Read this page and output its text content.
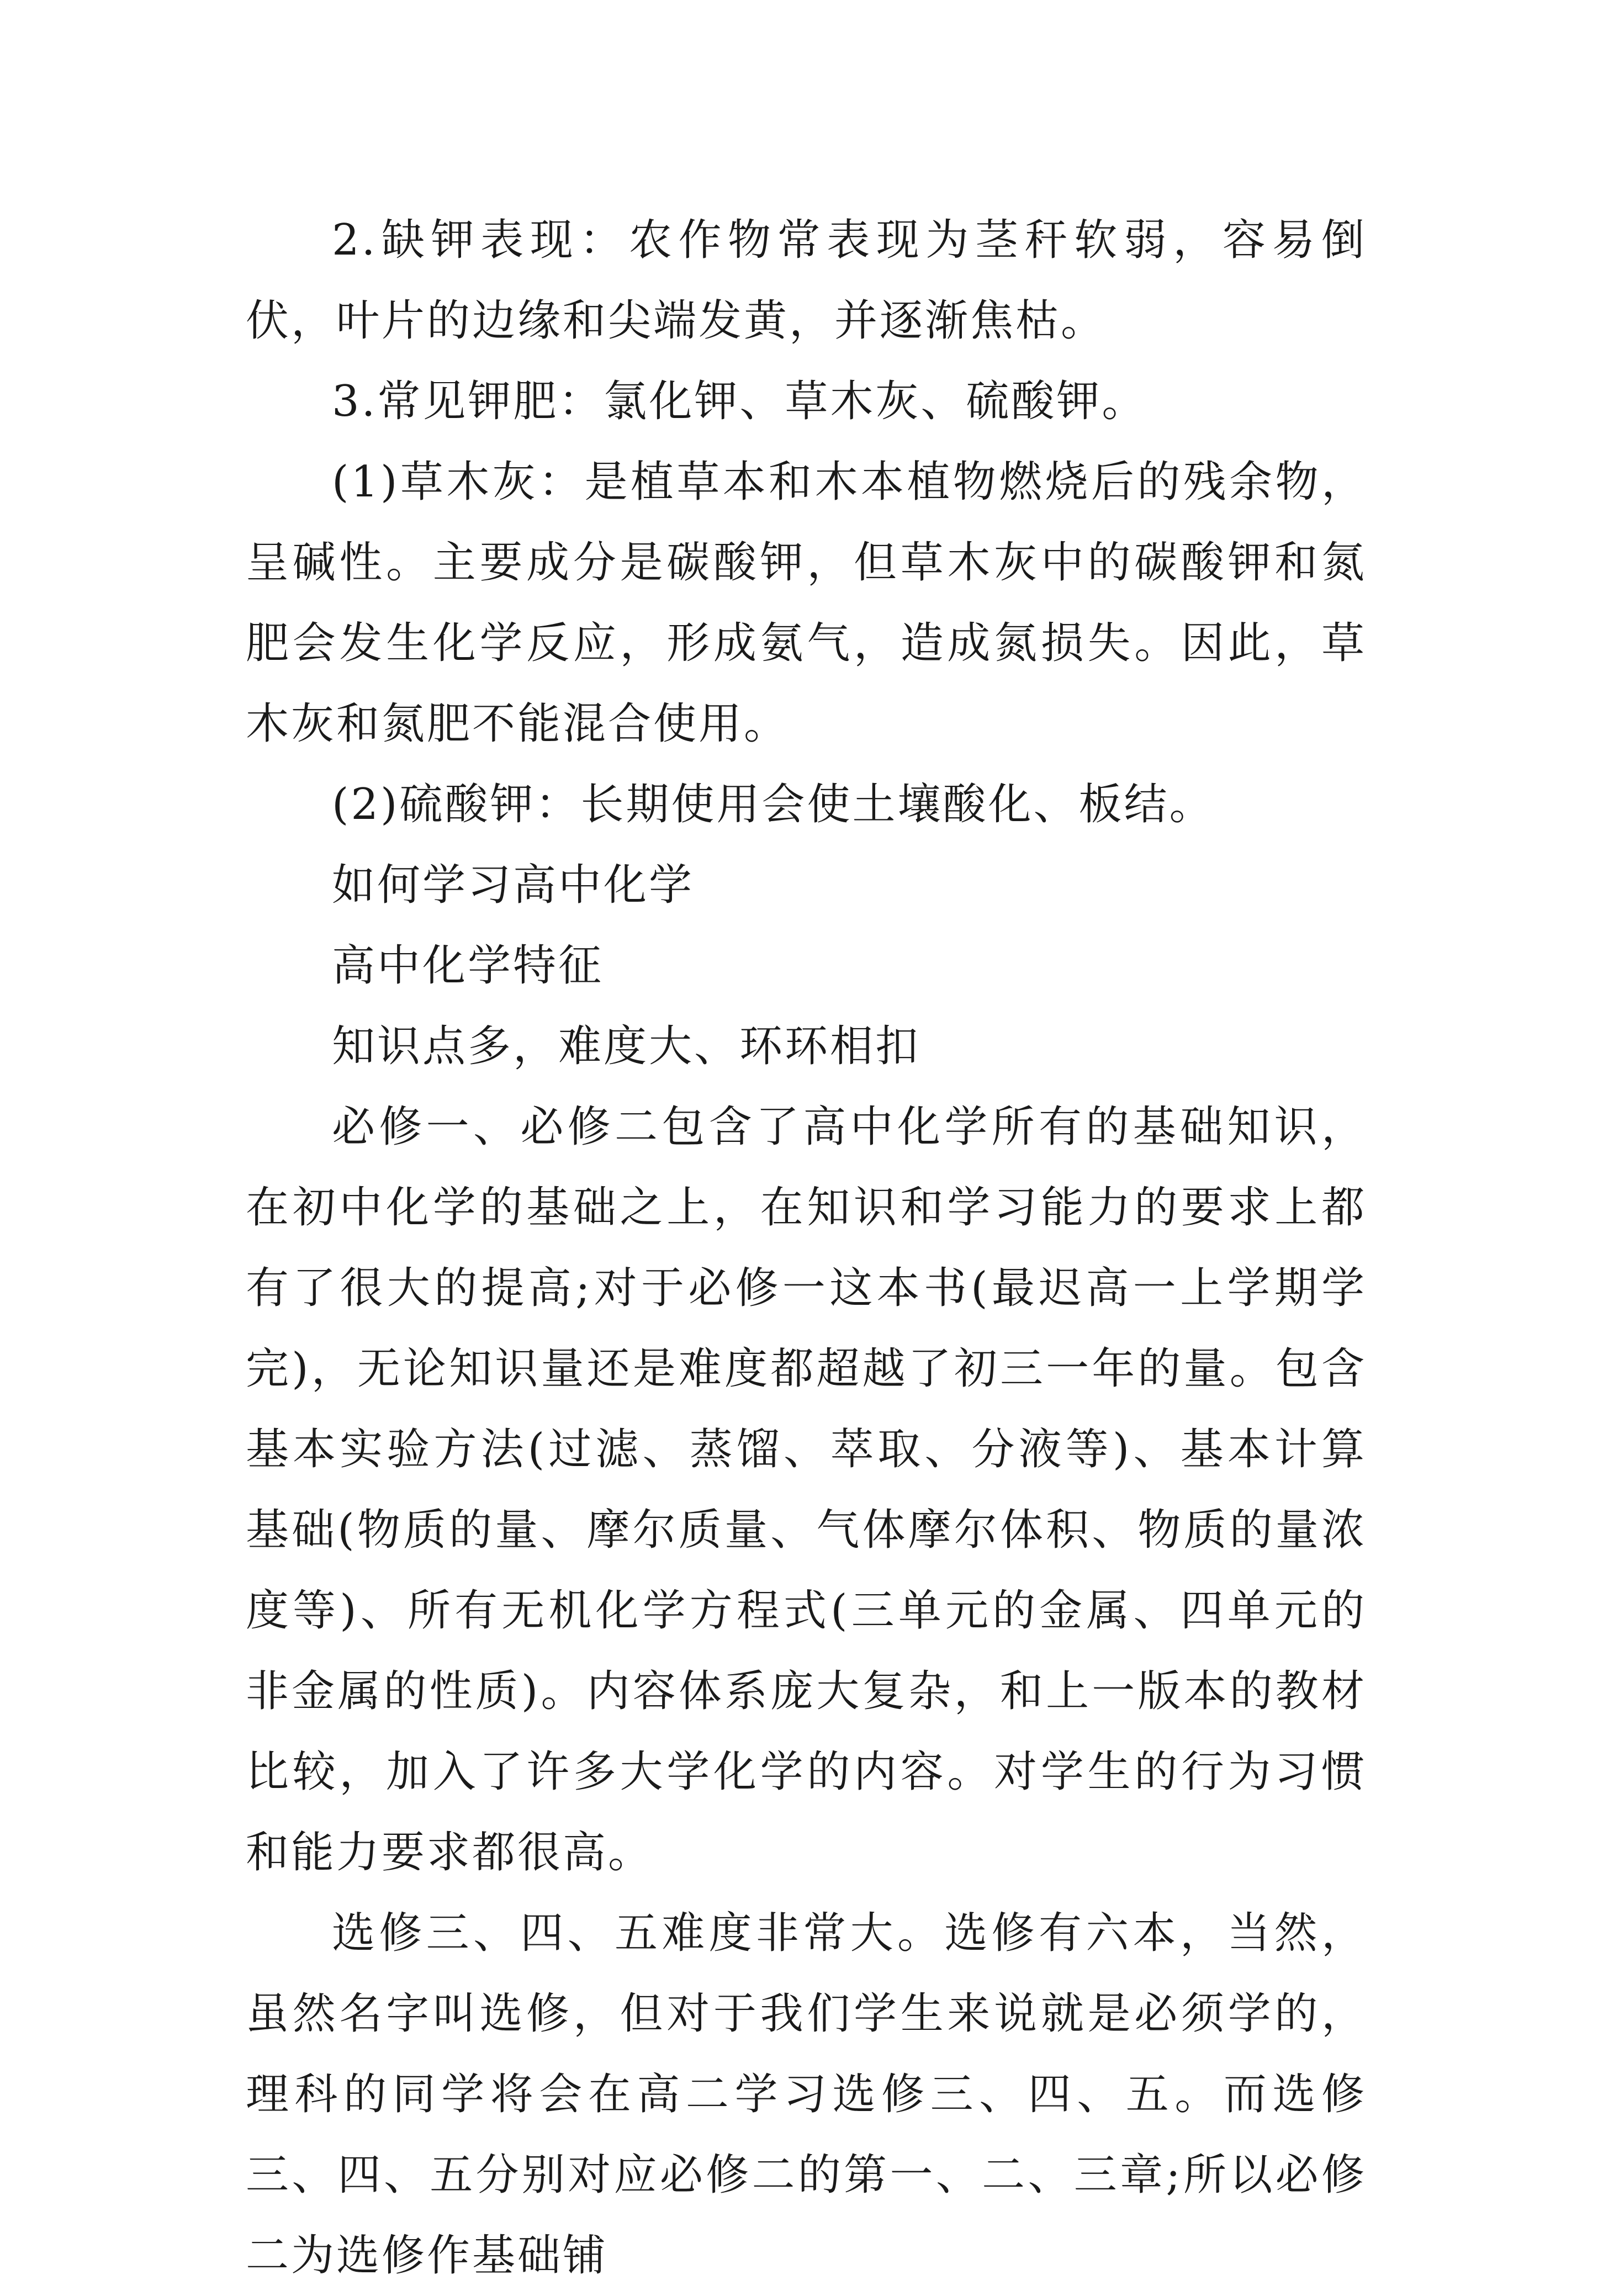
2.缺钾表现：农作物常表现为茎秆软弱，容易倒伏，叶片的边缘和尖端发黄，并逐渐焦枯。

3.常见钾肥：氯化钾、草木灰、硫酸钾。

(1)草木灰：是植草本和木本植物燃烧后的残余物，呈碱性。主要成分是碳酸钾，但草木灰中的碳酸钾和氮肥会发生化学反应，形成氨气，造成氮损失。因此，草木灰和氮肥不能混合使用。

(2)硫酸钾：长期使用会使土壤酸化、板结。

如何学习高中化学

高中化学特征

知识点多，难度大、环环相扣

必修一、必修二包含了高中化学所有的基础知识，在初中化学的基础之上，在知识和学习能力的要求上都有了很大的提高;对于必修一这本书(最迟高一上学期学完)，无论知识量还是难度都超越了初三一年的量。包含基本实验方法(过滤、蒸馏、萃取、分液等)、基本计算基础(物质的量、摩尔质量、气体摩尔体积、物质的量浓度等)、所有无机化学方程式(三单元的金属、四单元的非金属的性质)。内容体系庞大复杂，和上一版本的教材比较，加入了许多大学化学的内容。对学生的行为习惯和能力要求都很高。

选修三、四、五难度非常大。选修有六本，当然，虽然名字叫选修，但对于我们学生来说就是必须学的，理科的同学将会在高二学习选修三、四、五。而选修三、四、五分别对应必修二的第一、二、三章;所以必修二为选修作基础铺
